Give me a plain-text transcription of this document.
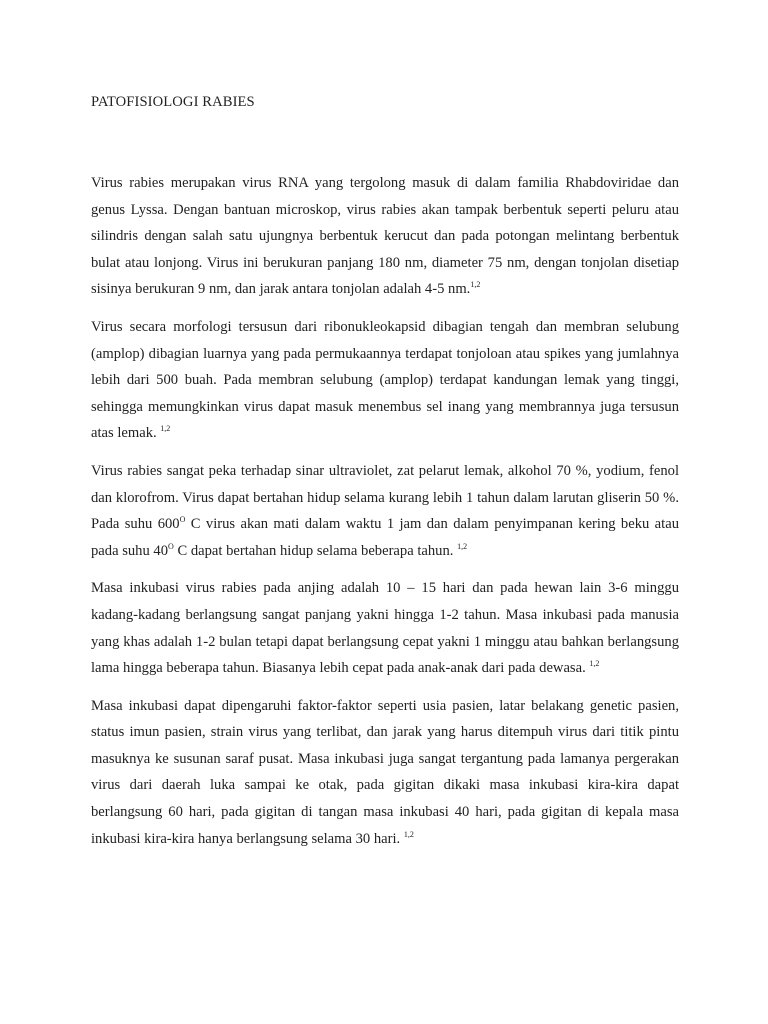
PATOFISIOLOGI RABIES

Virus rabies merupakan virus RNA yang tergolong masuk di dalam familia Rhabdoviridae dan genus Lyssa. Dengan bantuan microskop, virus rabies akan tampak berbentuk seperti peluru atau silindris dengan salah satu ujungnya berbentuk kerucut dan pada potongan melintang berbentuk bulat atau lonjong. Virus ini berukuran panjang 180 nm, diameter 75 nm, dengan tonjolan disetiap sisinya berukuran 9 nm, dan jarak antara tonjolan adalah 4-5 nm.$^{1,2}$

Virus secara morfologi tersusun dari ribonukleokapsid dibagian tengah dan membran selubung (amplop) dibagian luarnya yang pada permukaannya terdapat tonjoloan atau spikes yang jumlahnya lebih dari 500 buah. Pada membran selubung (amplop) terdapat kandungan lemak yang tinggi, sehingga memungkinkan virus dapat masuk menembus sel inang yang membrannya juga tersusun atas lemak. $^{1,2}$

Virus rabies sangat peka terhadap sinar ultraviolet, zat pelarut lemak, alkohol 70 %, yodium, fenol dan klorofrom. Virus dapat bertahan hidup selama kurang lebih 1 tahun dalam larutan gliserin 50 %. Pada suhu $600^O$ C virus akan mati dalam waktu 1 jam dan dalam penyimpanan kering beku atau pada suhu $40^O$ C dapat bertahan hidup selama beberapa tahun. $^{1,2}$

Masa inkubasi virus rabies pada anjing adalah 10 – 15 hari dan pada hewan lain 3-6 minggu kadang-kadang berlangsung sangat panjang yakni hingga 1-2 tahun. Masa inkubasi pada manusia yang khas adalah 1-2 bulan tetapi dapat berlangsung cepat yakni 1 minggu atau bahkan berlangsung lama hingga beberapa tahun. Biasanya lebih cepat pada anak-anak dari pada dewasa. $^{1,2}$

Masa inkubasi dapat dipengaruhi faktor-faktor seperti usia pasien, latar belakang genetic pasien, status imun pasien, strain virus yang terlibat, dan jarak yang harus ditempuh virus dari titik pintu masuknya ke susunan saraf pusat. Masa inkubasi juga sangat tergantung pada lamanya pergerakan virus dari daerah luka sampai ke otak, pada gigitan dikaki masa inkubasi kira-kira dapat berlangsung 60 hari, pada gigitan di tangan masa inkubasi 40 hari, pada gigitan di kepala masa inkubasi kira-kira hanya berlangsung selama 30 hari. $^{1,2}$
